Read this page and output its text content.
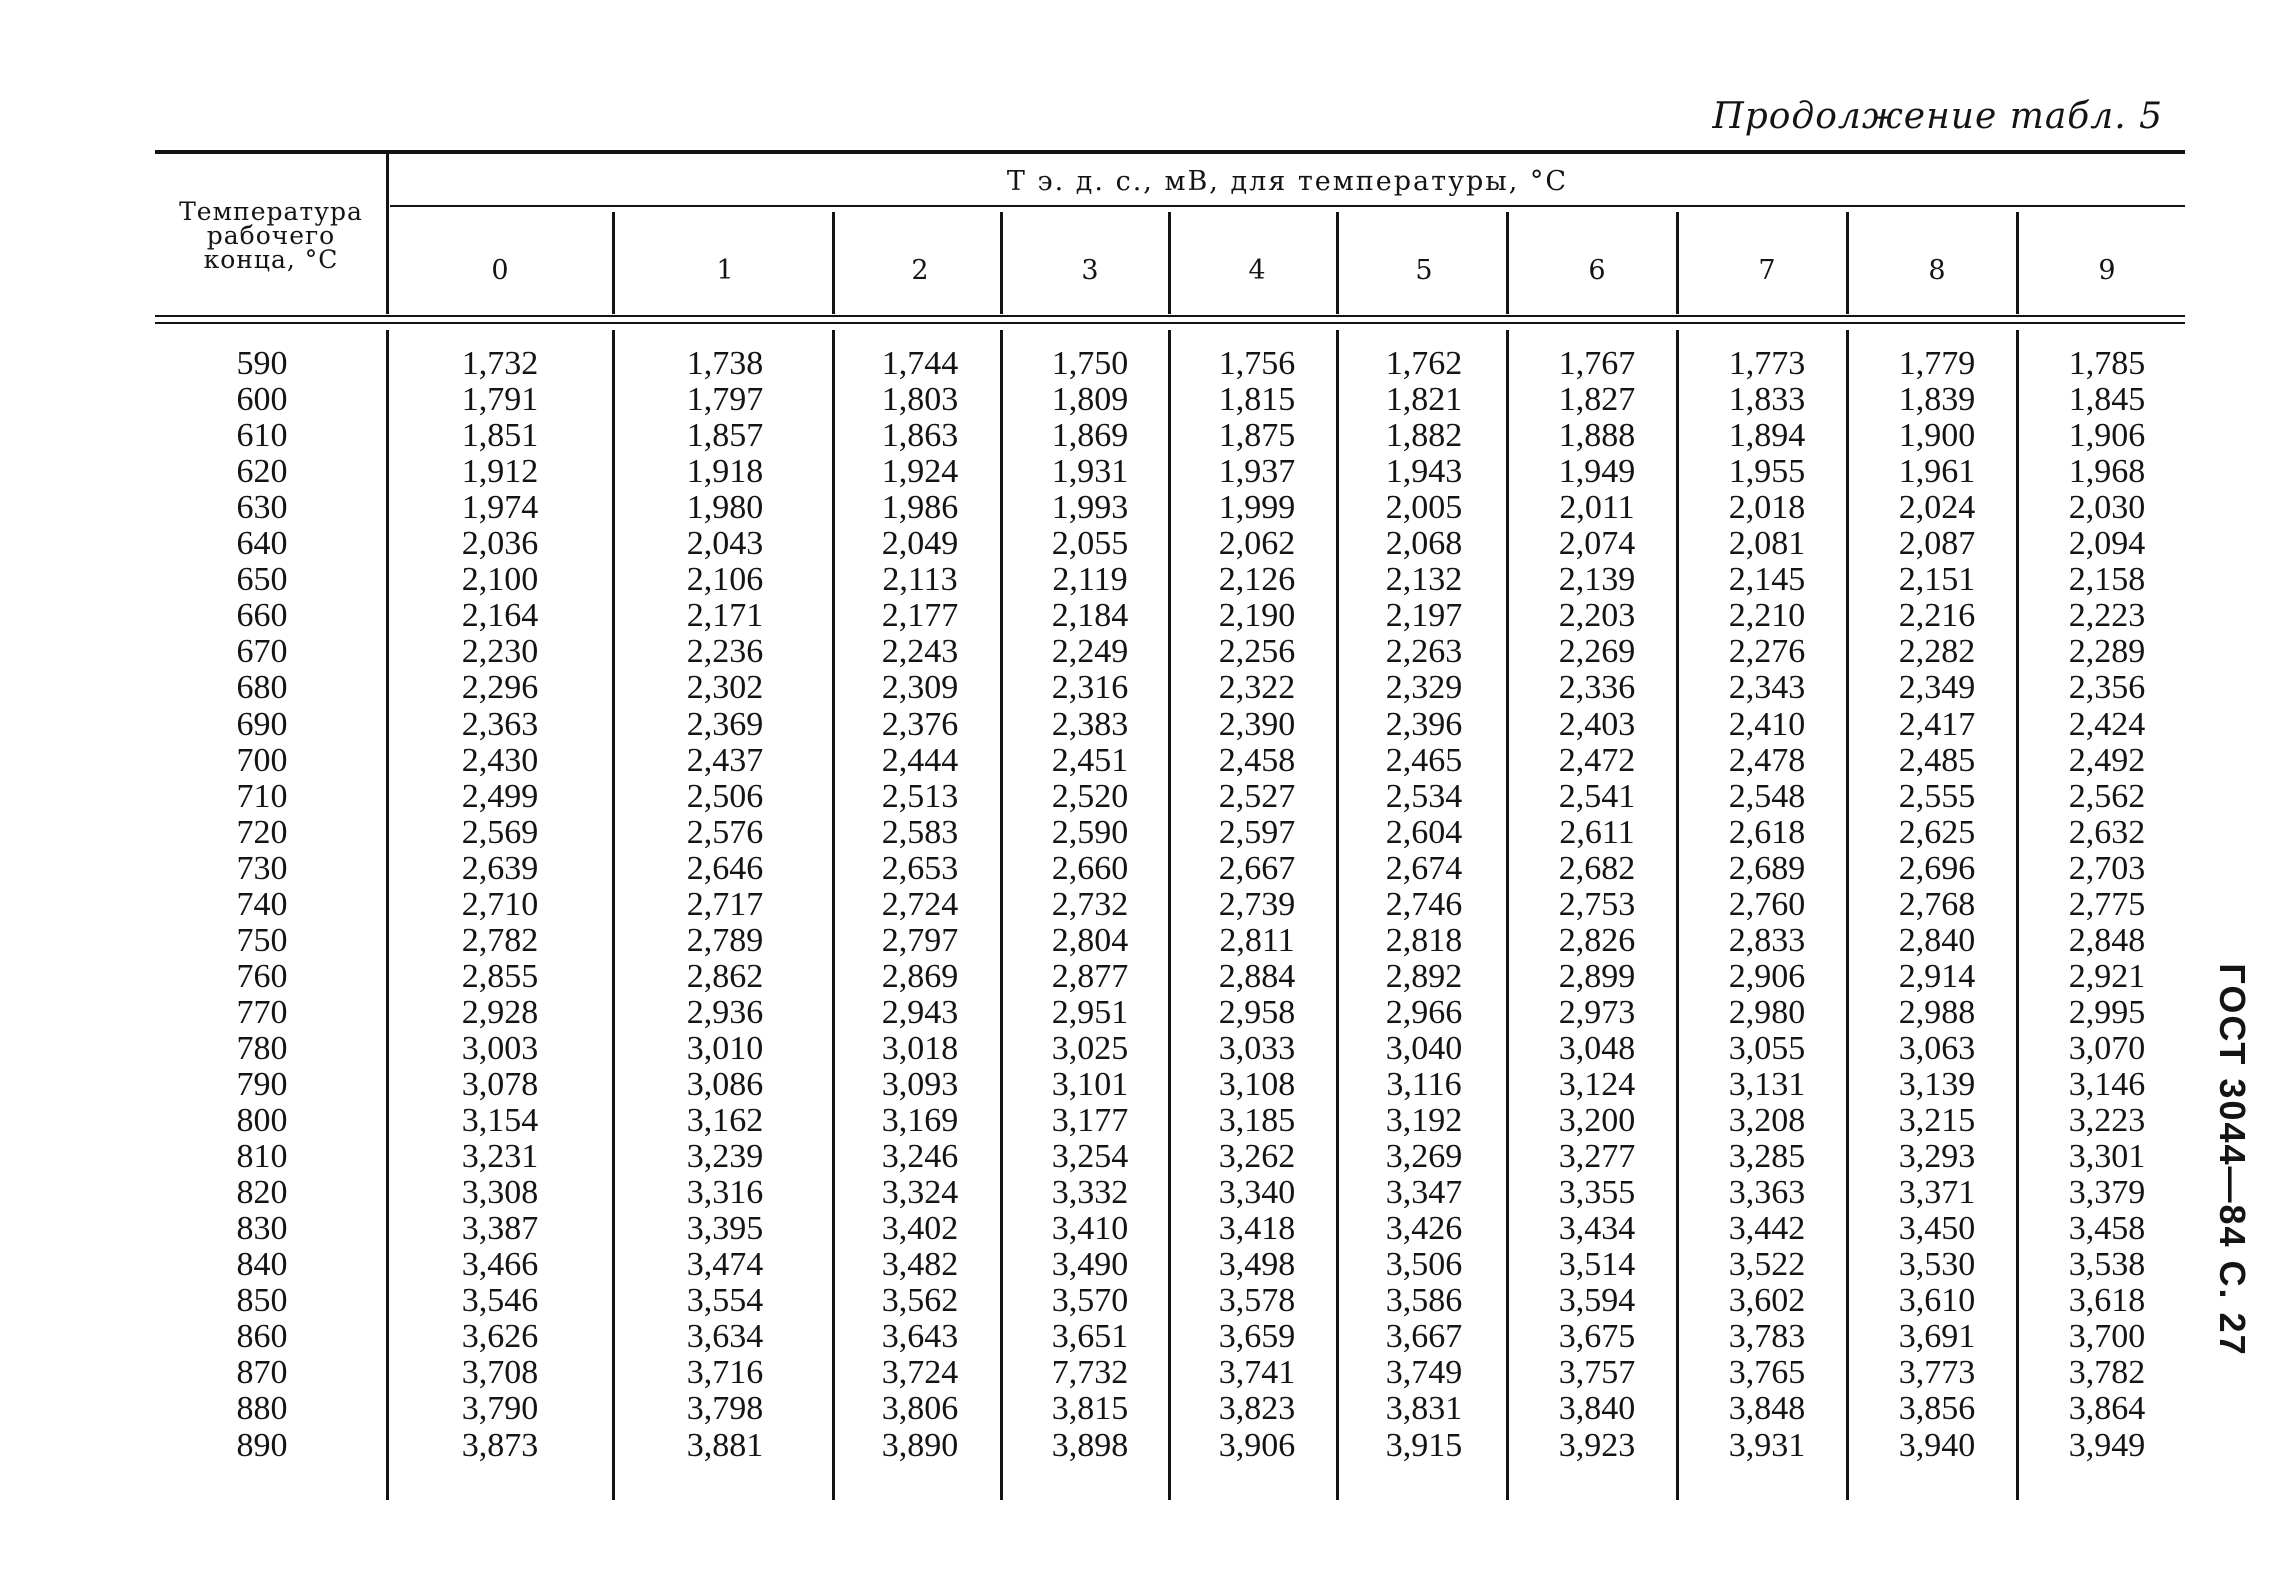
Продолжение табл. 5
Температура
рабочего
конца, °С
Т э. д. с., мВ, для температуры, °С
0	1	2	3	4	5	6	7	8	9
590	1,732	1,738	1,744	1,750	1,756	1,762	1,767	1,773	1,779	1,785
600	1,791	1,797	1,803	1,809	1,815	1,821	1,827	1,833	1,839	1,845
610	1,851	1,857	1,863	1,869	1,875	1,882	1,888	1,894	1,900	1,906
620	1,912	1,918	1,924	1,931	1,937	1,943	1,949	1,955	1,961	1,968
630	1,974	1,980	1,986	1,993	1,999	2,005	2,011	2,018	2,024	2,030
640	2,036	2,043	2,049	2,055	2,062	2,068	2,074	2,081	2,087	2,094
650	2,100	2,106	2,113	2,119	2,126	2,132	2,139	2,145	2,151	2,158
660	2,164	2,171	2,177	2,184	2,190	2,197	2,203	2,210	2,216	2,223
670	2,230	2,236	2,243	2,249	2,256	2,263	2,269	2,276	2,282	2,289
680	2,296	2,302	2,309	2,316	2,322	2,329	2,336	2,343	2,349	2,356
690	2,363	2,369	2,376	2,383	2,390	2,396	2,403	2,410	2,417	2,424
700	2,430	2,437	2,444	2,451	2,458	2,465	2,472	2,478	2,485	2,492
710	2,499	2,506	2,513	2,520	2,527	2,534	2,541	2,548	2,555	2,562
720	2,569	2,576	2,583	2,590	2,597	2,604	2,611	2,618	2,625	2,632
730	2,639	2,646	2,653	2,660	2,667	2,674	2,682	2,689	2,696	2,703
740	2,710	2,717	2,724	2,732	2,739	2,746	2,753	2,760	2,768	2,775
750	2,782	2,789	2,797	2,804	2,811	2,818	2,826	2,833	2,840	2,848
760	2,855	2,862	2,869	2,877	2,884	2,892	2,899	2,906	2,914	2,921
770	2,928	2,936	2,943	2,951	2,958	2,966	2,973	2,980	2,988	2,995
780	3,003	3,010	3,018	3,025	3,033	3,040	3,048	3,055	3,063	3,070
790	3,078	3,086	3,093	3,101	3,108	3,116	3,124	3,131	3,139	3,146
800	3,154	3,162	3,169	3,177	3,185	3,192	3,200	3,208	3,215	3,223
810	3,231	3,239	3,246	3,254	3,262	3,269	3,277	3,285	3,293	3,301
820	3,308	3,316	3,324	3,332	3,340	3,347	3,355	3,363	3,371	3,379
830	3,387	3,395	3,402	3,410	3,418	3,426	3,434	3,442	3,450	3,458
840	3,466	3,474	3,482	3,490	3,498	3,506	3,514	3,522	3,530	3,538
850	3,546	3,554	3,562	3,570	3,578	3,586	3,594	3,602	3,610	3,618
860	3,626	3,634	3,643	3,651	3,659	3,667	3,675	3,783	3,691	3,700
870	3,708	3,716	3,724	7,732	3,741	3,749	3,757	3,765	3,773	3,782
880	3,790	3,798	3,806	3,815	3,823	3,831	3,840	3,848	3,856	3,864
890	3,873	3,881	3,890	3,898	3,906	3,915	3,923	3,931	3,940	3,949
ГОСТ 3044—84 С. 27
